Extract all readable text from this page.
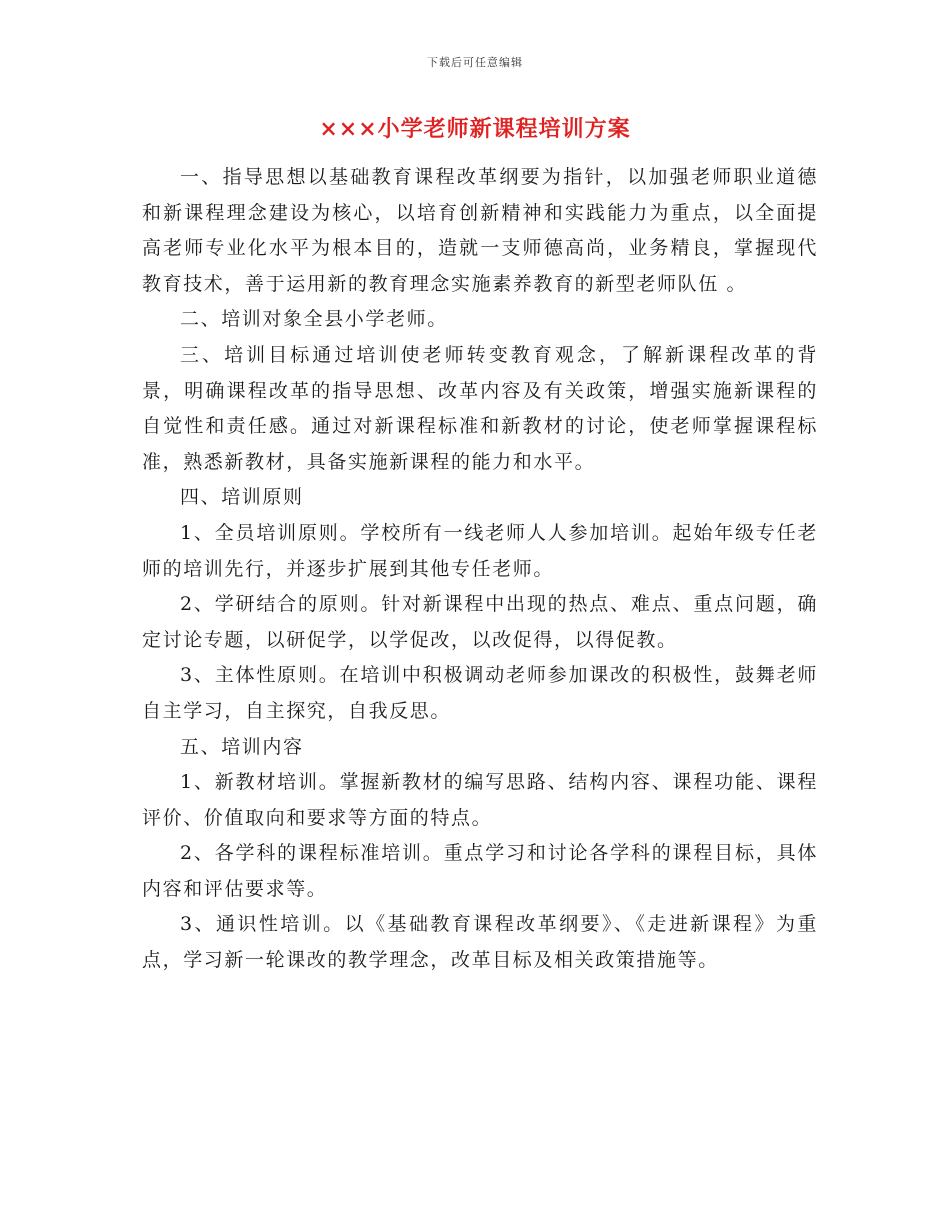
下载后可任意编辑
×××小学老师新课程培训方案

一、指导思想以基础教育课程改革纲要为指针，以加强老师职业道德和新课程理念建设为核心，以培育创新精神和实践能力为重点，以全面提高老师专业化水平为根本目的，造就一支师德高尚，业务精良，掌握现代教育技术，善于运用新的教育理念实施素养教育的新型老师队伍 。

二、培训对象全县小学老师。

三、培训目标通过培训使老师转变教育观念，了解新课程改革的背景，明确课程改革的指导思想、改革内容及有关政策，增强实施新课程的自觉性和责任感。通过对新课程标准和新教材的讨论，使老师掌握课程标准，熟悉新教材，具备实施新课程的能力和水平。

四、培训原则

1、全员培训原则。学校所有一线老师人人参加培训。起始年级专任老师的培训先行，并逐步扩展到其他专任老师。

2、学研结合的原则。针对新课程中出现的热点、难点、重点问题，确定讨论专题，以研促学，以学促改，以改促得，以得促教。

3、主体性原则。在培训中积极调动老师参加课改的积极性，鼓舞老师自主学习，自主探究，自我反思。

五、培训内容

1、新教材培训。掌握新教材的编写思路、结构内容、课程功能、课程评价、价值取向和要求等方面的特点。

2、各学科的课程标准培训。重点学习和讨论各学科的课程目标，具体内容和评估要求等。

3、通识性培训。以《基础教育课程改革纲要》、《走进新课程》为重点，学习新一轮课改的教学理念，改革目标及相关政策措施等。
